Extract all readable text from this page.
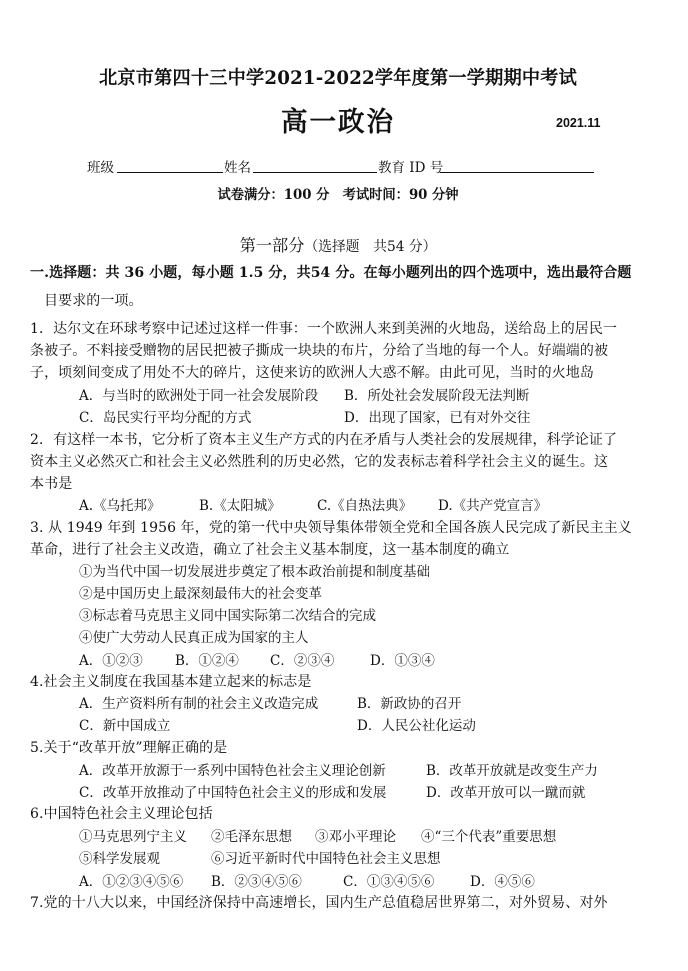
北京市第四十三中学2021-2022学年度第一学期期中考试
高一政治	2021.11
班级	姓名	教育 ID 号
试卷满分：100 分　考试时间：90 分钟
第一部分（选择题　共54 分）
一.选择题：共 36 小题，每小题 1.5 分，共54 分。在每小题列出的四个选项中，选出最符合题
目要求的一项。
1．达尔文在环球考察中记述过这样一件事：一个欧洲人来到美洲的火地岛，送给岛上的居民一
条被子。不料接受赠物的居民把被子撕成一块块的布片，分给了当地的每一个人。好端端的被
子，顷刻间变成了用处不大的碎片，这使来访的欧洲人大惑不解。由此可见，当时的火地岛
A．与当时的欧洲处于同一社会发展阶段 B．所处社会发展阶段无法判断
C．岛民实行平均分配的方式	D．出现了国家，已有对外交往
2．有这样一本书，它分析了资本主义生产方式的内在矛盾与人类社会的发展规律，科学论证了
资本主义必然灭亡和社会主义必然胜利的历史必然，它的发表标志着科学社会主义的诞生。这
本书是
A.《乌托邦》	B.《太阳城》	C.《自热法典》 D.《共产党宣言》
3. 从 1949 年到 1956 年，党的第一代中央领导集体带领全党和全国各族人民完成了新民主主义
革命，进行了社会主义改造，确立了社会主义基本制度，这一基本制度的确立
①为当代中国一切发展进步奠定了根本政治前提和制度基础
②是中国历史上最深刻最伟大的社会变革
③标志着马克思主义同中国实际第二次结合的完成
④使广大劳动人民真正成为国家的主人
A．①②③ B．①②④ C．②③④	D．①③④
4.社会主义制度在我国基本建立起来的标志是
A．生产资料所有制的社会主义改造完成	B．新政协的召开
C．新中国成立	D．人民公社化运动
5.关于“改革开放”理解正确的是
A．改革开放源于一系列中国特色社会主义理论创新	B．改革开放就是改变生产力
C．改革开放推动了中国特色社会主义的形成和发展	D．改革开放可以一蹴而就
6.中国特色社会主义理论包括
①马克思列宁主义 ②毛泽东思想 ③邓小平理论 ④“三个代表”重要思想
⑤科学发展观	⑥习近平新时代中国特色社会主义思想
A．①②③④⑤⑥ B．②③④⑤⑥	C．①③④⑤⑥	D．④⑤⑥
7.党的十八大以来，中国经济保持中高速增长，国内生产总值稳居世界第二，对外贸易、对外
